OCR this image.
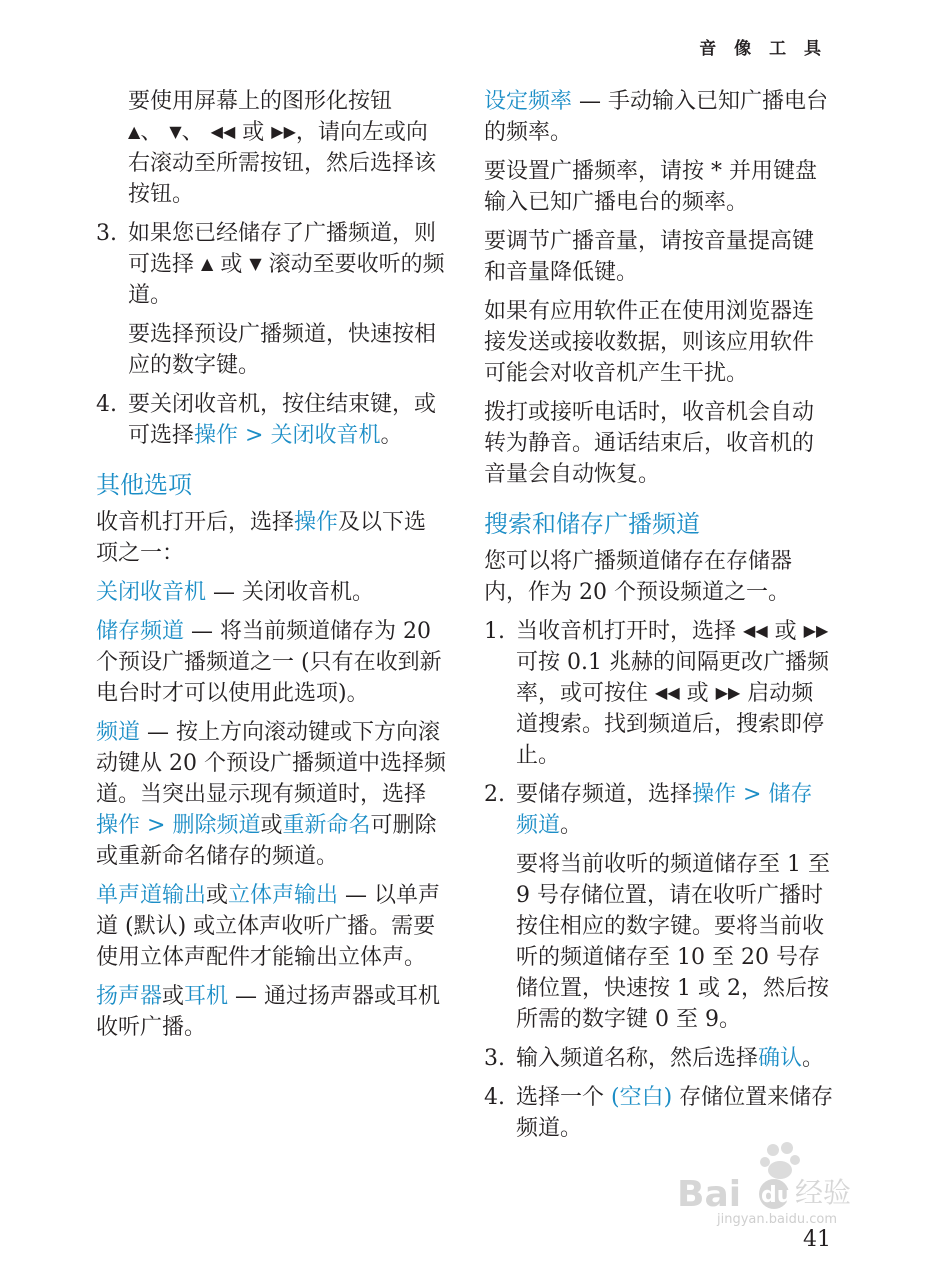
音 像 工 具

要使用屏幕上的图形化按钮
▲、 ▼、 ◀◀ 或 ▶▶，请向左或向右滚动至所需按钮，然后选择该按钮。

3. 如果您已经储存了广播频道，则可选择 ▲ 或 ▼ 滚动至要收听的频道。

要选择预设广播频道，快速按相应的数字键。

4. 要关闭收音机，按住结束键，或可选择操作 > 关闭收音机。
其他选项

收音机打开后，选择操作及以下选项之一：

关闭收音机 — 关闭收音机。

储存频道 — 将当前频道储存为 20 个预设广播频道之一 (只有在收到新电台时才可以使用此选项)。

频道 — 按上方向滚动键或下方向滚动键从 20 个预设广播频道中选择频道。当突出显示现有频道时，选择操作 > 删除频道或重新命名可删除或重新命名储存的频道。

单声道输出或立体声输出 — 以单声道 (默认) 或立体声收听广播。需要使用立体声配件才能输出立体声。

扬声器或耳机 — 通过扬声器或耳机收听广播。

设定频率 — 手动输入已知广播电台的频率。

要设置广播频率，请按 * 并用键盘输入已知广播电台的频率。

要调节广播音量，请按音量提高键和音量降低键。

如果有应用软件正在使用浏览器连接发送或接收数据，则该应用软件可能会对收音机产生干扰。

拨打或接听电话时，收音机会自动转为静音。通话结束后，收音机的音量会自动恢复。

搜索和储存广播频道

您可以将广播频道储存在存储器内，作为 20 个预设频道之一。

1. 当收音机打开时，选择 ◀◀ 或 ▶▶ 可按 0.1 兆赫的间隔更改广播频率，或可按住 ◀◀ 或 ▶▶ 启动频道搜索。找到频道后，搜索即停止。
2. 要储存频道，选择操作 > 储存频道。

要将当前收听的频道储存至 1 至 9 号存储位置，请在收听广播时按住相应的数字键。要将当前收听的频道储存至 10 至 20 号存储位置，快速按 1 或 2，然后按所需的数字键 0 至 9。

3. 输入频道名称，然后选择确认。
4. 选择一个 (空白) 存储位置来储存频道。
Bai du 经验
jingyan.baidu.com
41
